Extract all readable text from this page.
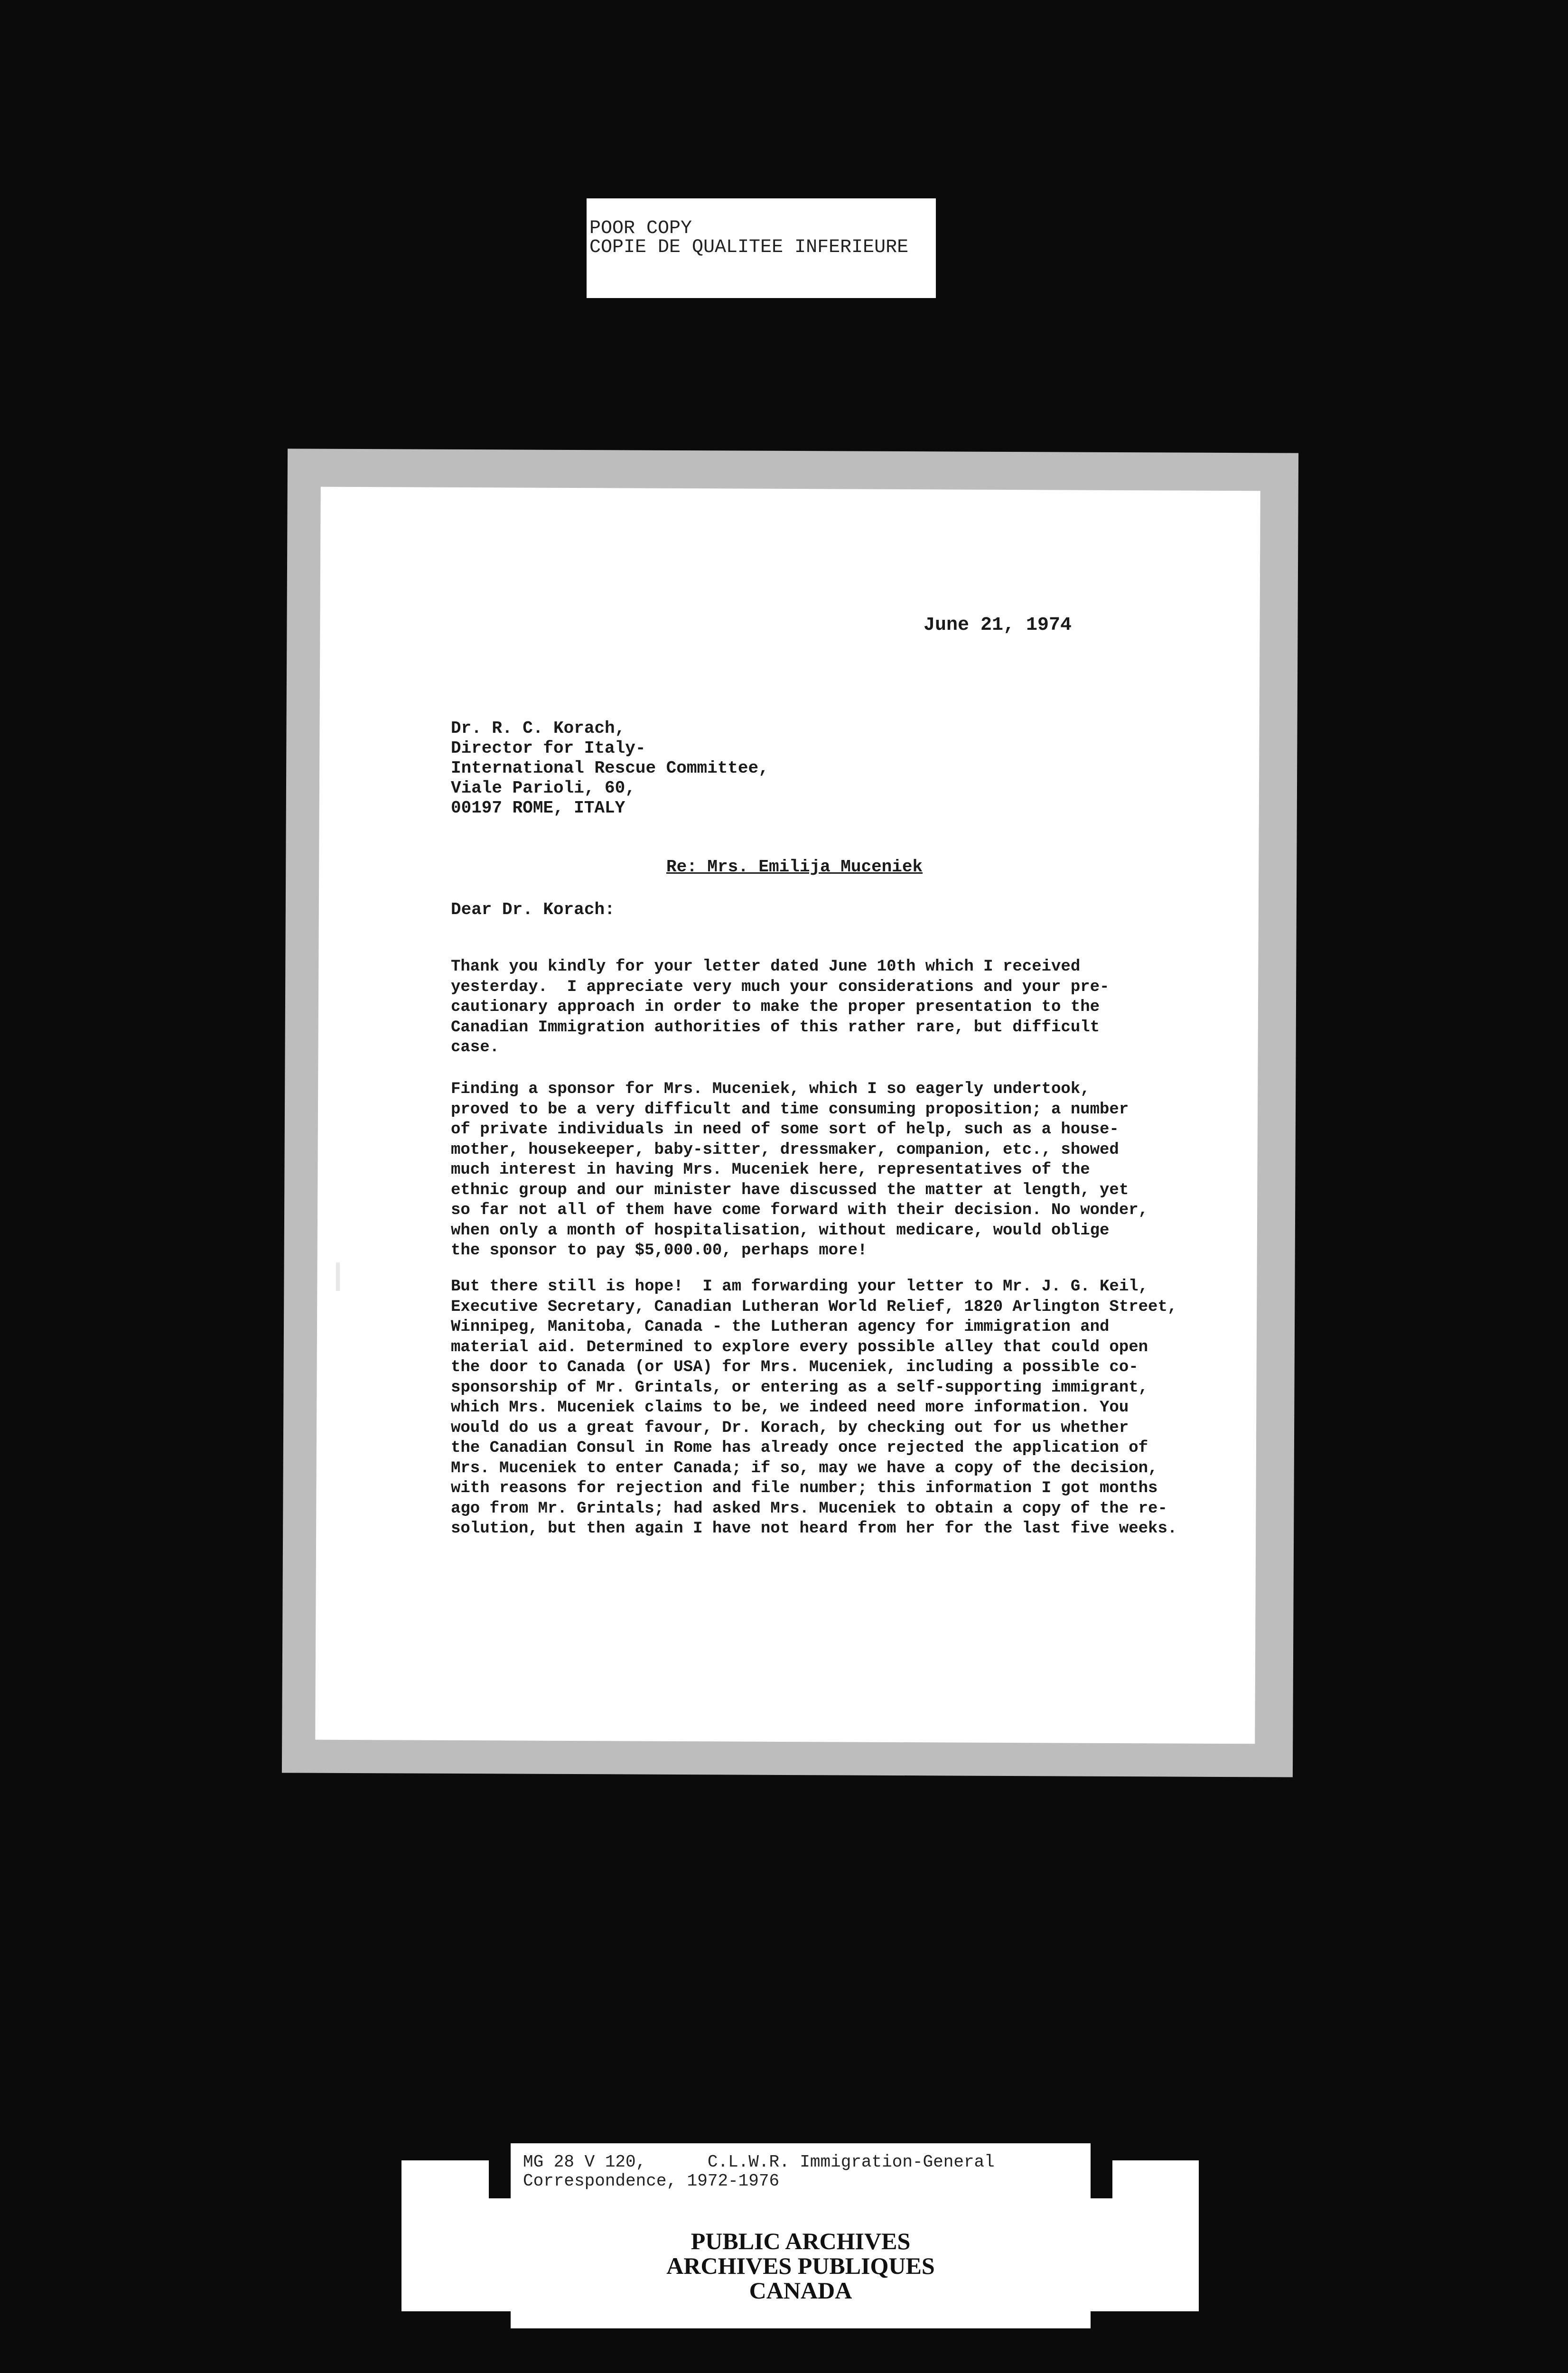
POOR COPY
COPIE DE QUALITEE INFERIEURE
June 21, 1974
Dr. R. C. Korach,
Director for Italy-
International Rescue Committee,
Viale Parioli, 60,
00197 ROME, ITALY
Re: Mrs. Emilija Muceniek
Dear Dr. Korach:
Thank you kindly for your letter dated June 10th which I received
yesterday.  I appreciate very much your considerations and your pre-
cautionary approach in order to make the proper presentation to the
Canadian Immigration authorities of this rather rare, but difficult
case.
Finding a sponsor for Mrs. Muceniek, which I so eagerly undertook,
proved to be a very difficult and time consuming proposition; a number
of private individuals in need of some sort of help, such as a house-
mother, housekeeper, baby-sitter, dressmaker, companion, etc., showed
much interest in having Mrs. Muceniek here, representatives of the
ethnic group and our minister have discussed the matter at length, yet
so far not all of them have come forward with their decision. No wonder,
when only a month of hospitalisation, without medicare, would oblige
the sponsor to pay $5,000.00, perhaps more!
But there still is hope!  I am forwarding your letter to Mr. J. G. Keil,
Executive Secretary, Canadian Lutheran World Relief, 1820 Arlington Street,
Winnipeg, Manitoba, Canada - the Lutheran agency for immigration and
material aid. Determined to explore every possible alley that could open
the door to Canada (or USA) for Mrs. Muceniek, including a possible co-
sponsorship of Mr. Grintals, or entering as a self-supporting immigrant,
which Mrs. Muceniek claims to be, we indeed need more information. You
would do us a great favour, Dr. Korach, by checking out for us whether
the Canadian Consul in Rome has already once rejected the application of
Mrs. Muceniek to enter Canada; if so, may we have a copy of the decision,
with reasons for rejection and file number; this information I got months
ago from Mr. Grintals; had asked Mrs. Muceniek to obtain a copy of the re-
solution, but then again I have not heard from her for the last five weeks.
MG 28 V 120,      C.L.W.R. Immigration-General
Correspondence, 1972-1976
PUBLIC ARCHIVES
ARCHIVES PUBLIQUES
CANADA
